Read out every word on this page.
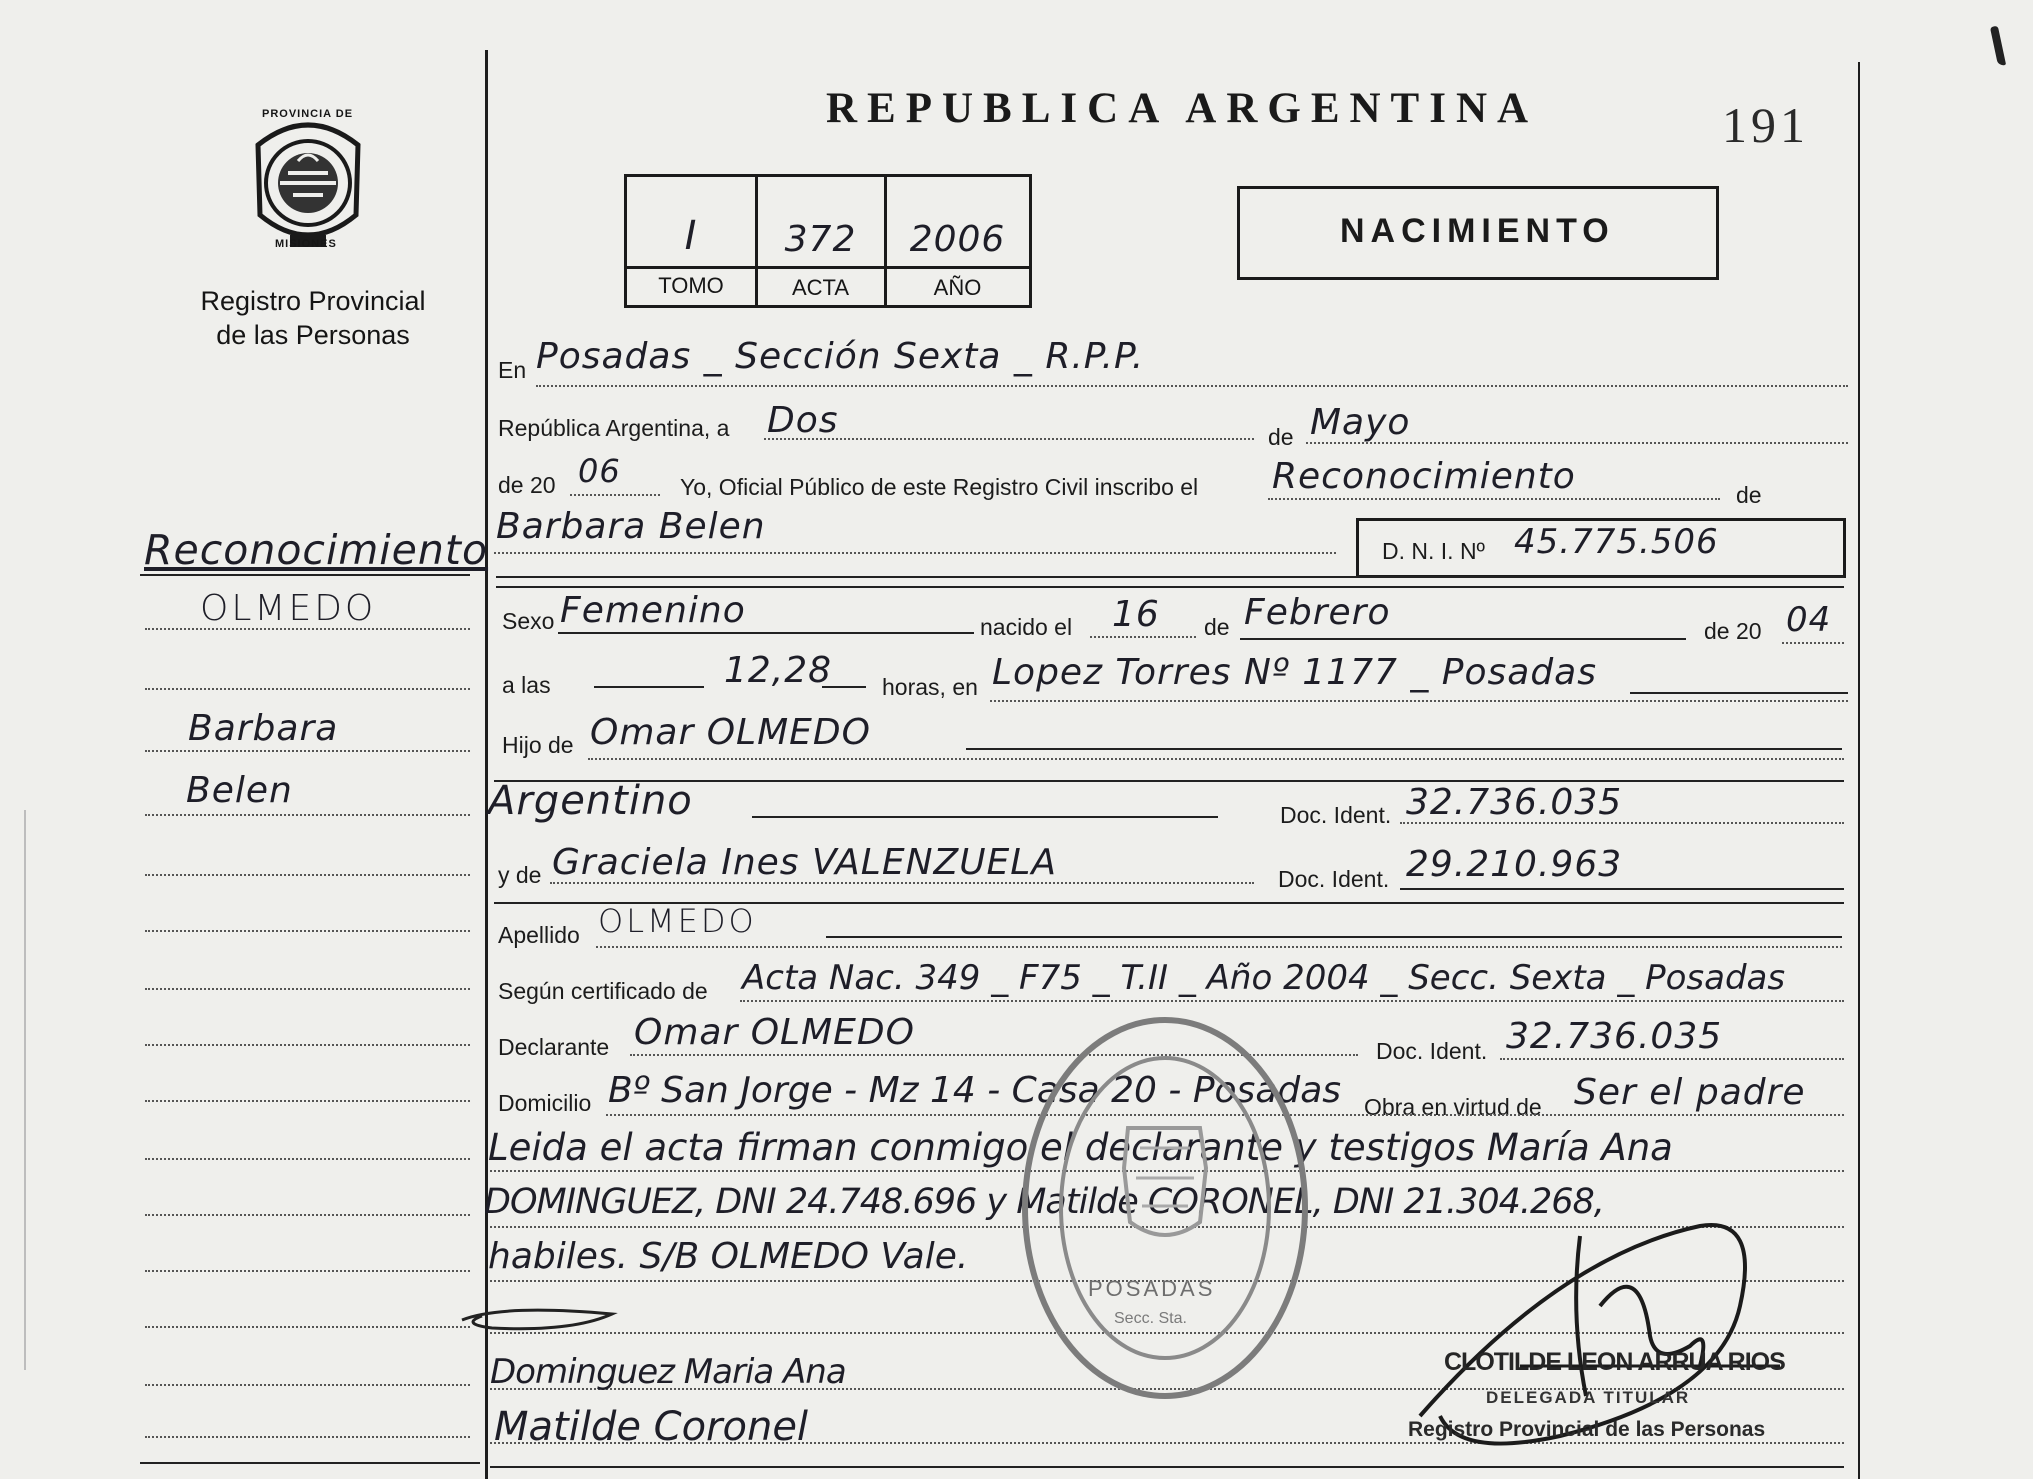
PROVINCIA DE
MISIONES
Registro Provincial
de las Personas
REPUBLICA ARGENTINA	191
I	372	2006
TOMO	ACTA	AÑO
NACIMIENTO
Reconocimiento
OLMEDO
Barbara
Belen
En Posadas _ Sección Sexta _ R.P.P.
República Argentina, a Dos	de Mayo
de 20 06	Yo, Oficial Público de este Registro Civil inscribo el Reconocimiento	de
Barbara Belen
D. N. I. Nº 45.775.506
Sexo Femenino	nacido el 16 de Febrero	de 20 04
a las	12,28 horas, en Lopez Torres Nº 1177 _ Posadas
Hijo de Omar OLMEDO
Argentino	Doc. Ident. 32.736.035
y de Graciela Ines VALENZUELA	Doc. Ident. 29.210.963
Apellido OLMEDO
Según certificado de Acta Nac. 349 _ F75 _ T.II _ Año 2004 _ Secc. Sexta _ Posadas
Declarante Omar OLMEDO	Doc. Ident. 32.736.035
Domicilio Bº San Jorge - Mz 14 - Casa 20 - Posadas Obra en virtud de Ser el padre
Leida el acta firman conmigo el declarante y testigos María Ana
DOMINGUEZ, DNI 24.748.696 y Matilde CORONEL, DNI 21.304.268,
habiles. S/B OLMEDO Vale.
Dominguez Maria Ana
Matilde Coronel
POSADAS
Secc. Sta.
CLOTILDE LEON ARRUA RIOS
DELEGADA TITULAR
Registro Provincial de las Personas
